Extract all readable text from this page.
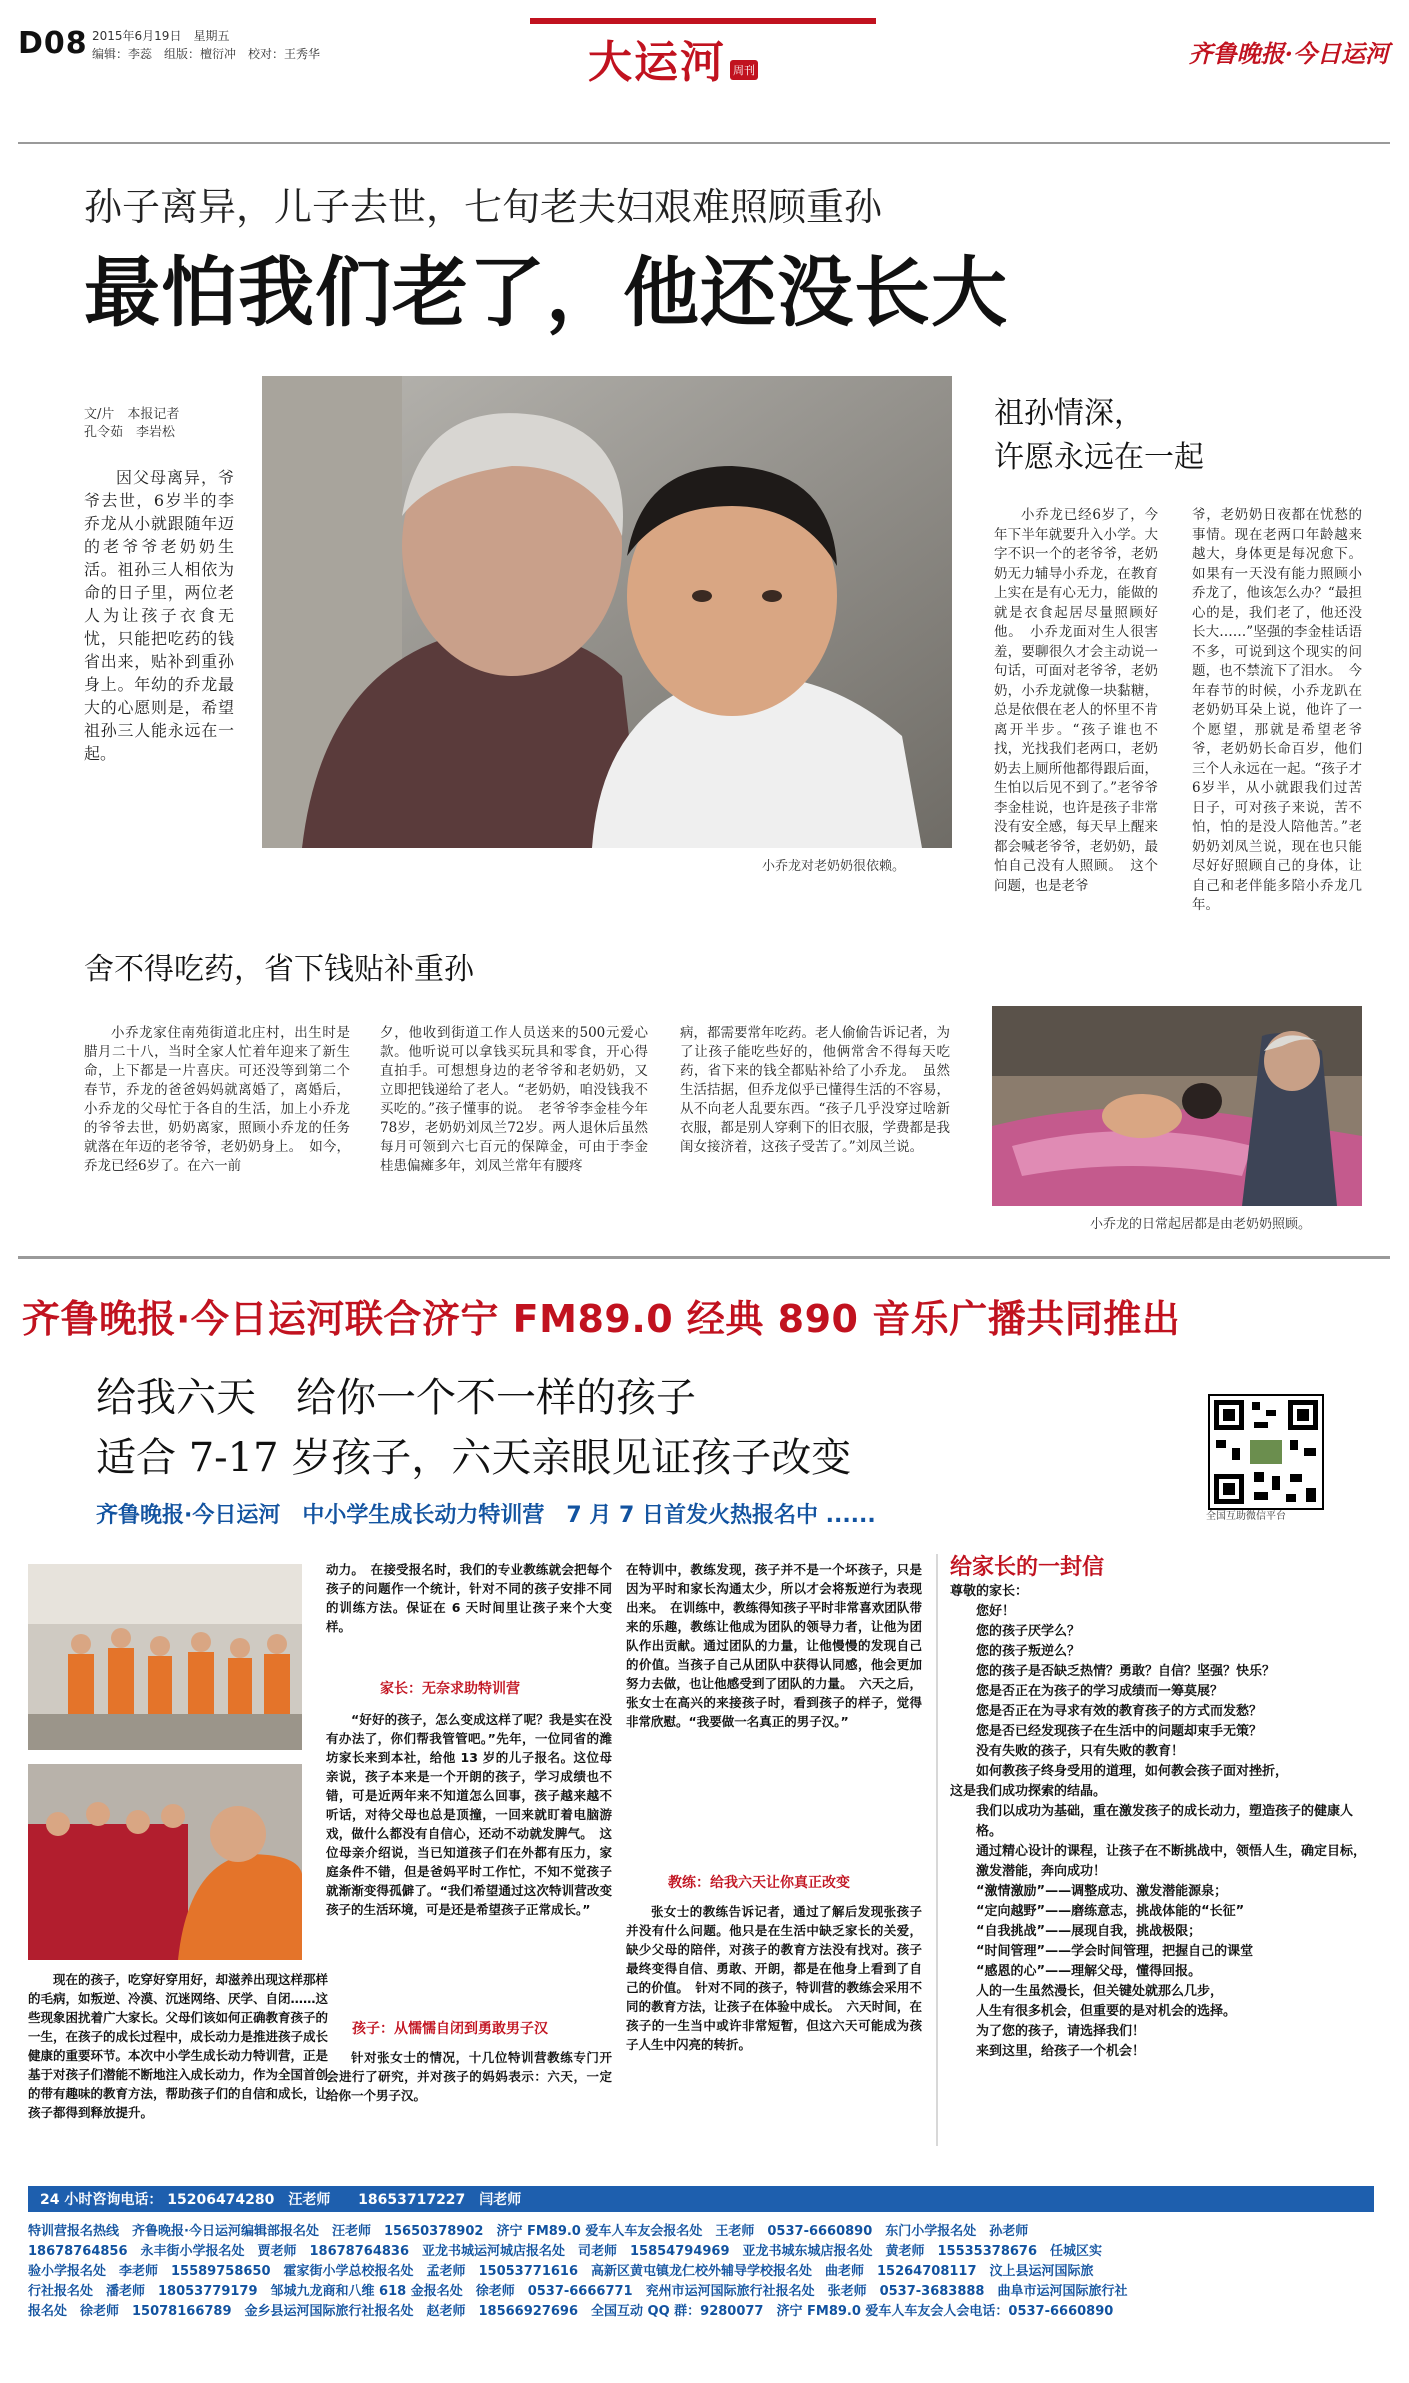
D08 2015年6月19日　星期五
编辑：李蕊　组版：檀衍冲　校对：王秀华	大运河 周刊
齐鲁晚报·今日运河
孙子离异，儿子去世，七旬老夫妇艰难照顾重孙
最怕我们老了，他还没长大
文/片　本报记者
孔令茹　李岩松
因父母离异，爷爷去世，6岁半的李乔龙从小就跟随年迈的老爷爷老奶奶生活。祖孙三人相依为命的日子里，两位老人为让孩子衣食无忧，只能把吃药的钱省出来，贴补到重孙身上。年幼的乔龙最大的心愿则是，希望祖孙三人能永远在一起。
小乔龙对老奶奶很依赖。
祖孙情深，
许愿永远在一起
小乔龙已经6岁了，今年下半年就要升入小学。大字不识一个的老爷爷，老奶奶无力辅导小乔龙，在教育上实在是有心无力，能做的就是衣食起居尽量照顾好他。　小乔龙面对生人很害羞，要聊很久才会主动说一句话，可面对老爷爷，老奶奶，小乔龙就像一块黏糖，总是依偎在老人的怀里不肯离开半步。“孩子谁也不找，光找我们老两口，老奶奶去上厕所他都得跟后面，生怕以后见不到了。”老爷爷李金桂说，也许是孩子非常没有安全感，每天早上醒来都会喊老爷爷，老奶奶，最怕自己没有人照顾。　这个问题，也是老爷
爷，老奶奶日夜都在忧愁的事情。现在老两口年龄越来越大，身体更是每况愈下。如果有一天没有能力照顾小乔龙了，他该怎么办？“最担心的是，我们老了，他还没长大……”坚强的李金桂话语不多，可说到这个现实的问题，也不禁流下了泪水。　今年春节的时候，小乔龙趴在老奶奶耳朵上说，他许了一个愿望，那就是希望老爷爷，老奶奶长命百岁，他们三个人永远在一起。“孩子才6岁半，从小就跟我们过苦日子，可对孩子来说，苦不怕，怕的是没人陪他苦。”老奶奶刘凤兰说，现在也只能尽好好照顾自己的身体，让自己和老伴能多陪小乔龙几年。
舍不得吃药，省下钱贴补重孙
小乔龙家住南苑街道北庄村，出生时是腊月二十八，当时全家人忙着年迎来了新生命，上下都是一片喜庆。可还没等到第二个春节，乔龙的爸爸妈妈就离婚了，离婚后，小乔龙的父母忙于各自的生活，加上小乔龙的爷爷去世，奶奶离家，照顾小乔龙的任务就落在年迈的老爷爷，老奶奶身上。　如今，乔龙已经6岁了。在六一前
夕，他收到街道工作人员送来的500元爱心款。他听说可以拿钱买玩具和零食，开心得直拍手。可想想身边的老爷爷和老奶奶，又立即把钱递给了老人。“老奶奶，咱没钱我不买吃的。”孩子懂事的说。　老爷爷李金桂今年78岁，老奶奶刘凤兰72岁。两人退休后虽然每月可领到六七百元的保障金，可由于李金桂患偏瘫多年，刘凤兰常年有腰疼
病，都需要常年吃药。老人偷偷告诉记者，为了让孩子能吃些好的，他俩常舍不得每天吃药，省下来的钱全都贴补给了小乔龙。　虽然生活拮据，但乔龙似乎已懂得生活的不容易，从不向老人乱要东西。“孩子几乎没穿过啥新衣服，都是别人穿剩下的旧衣服，学费都是我闺女接济着，这孩子受苦了。”刘凤兰说。
小乔龙的日常起居都是由老奶奶照顾。
齐鲁晚报·今日运河联合济宁 FM89.0 经典 890 音乐广播共同推出
给我六天　给你一个不一样的孩子
适合 7-17 岁孩子，六天亲眼见证孩子改变
齐鲁晚报·今日运河　中小学生成长动力特训营　7 月 7 日首发火热报名中 ......	全国互助微信平台
现在的孩子，吃穿好穿用好，却滋养出现这样那样的毛病，如叛逆、冷漠、沉迷网络、厌学、自闭……这些现象困扰着广大家长。父母们该如何正确教育孩子的一生，在孩子的成长过程中，成长动力是推进孩子成长健康的重要环节。本次中小学生成长动力特训营，正是基于对孩子们潜能不断地注入成长动力，作为全国首创的带有趣味的教育方法，帮助孩子们的自信和成长，让孩子都得到释放提升。
动力。　在接受报名时，我们的专业教练就会把每个孩子的问题作一个统计，针对不同的孩子安排不同的训练方法。保证在 6 天时间里让孩子来个大变样。
家长：无奈求助特训营
“好好的孩子，怎么变成这样了呢？我是实在没有办法了，你们帮我管管吧。”先年，一位同省的潍坊家长来到本社，给他 13 岁的儿子报名。这位母亲说，孩子本来是一个开朗的孩子，学习成绩也不错，可是近两年来不知道怎么回事，孩子越来越不听话，对待父母也总是顶撞，一回来就盯着电脑游戏，做什么都没有自信心，还动不动就发脾气。　这位母亲介绍说，当已知道孩子们在外都有压力，家庭条件不错，但是爸妈平时工作忙，不知不觉孩子就渐渐变得孤僻了。“我们希望通过这次特训营改变孩子的生活环境，可是还是希望孩子正常成长。”
孩子：从懦懦自闭到勇敢男子汉
针对张女士的情况，十几位特训营教练专门开会进行了研究，并对孩子的妈妈表示：六天，一定给你一个男子汉。
在特训中，教练发现，孩子并不是一个坏孩子，只是因为平时和家长沟通太少，所以才会将叛逆行为表现出来。　在训练中，教练得知孩子平时非常喜欢团队带来的乐趣，教练让他成为团队的领导力者，让他为团队作出贡献。通过团队的力量，让他慢慢的发现自己的价值。当孩子自己从团队中获得认同感，他会更加努力去做，也让他感受到了团队的力量。　六天之后，张女士在高兴的来接孩子时，看到孩子的样子，觉得非常欣慰。“我要做一名真正的男子汉。”
教练：给我六天让你真正改变
张女士的教练告诉记者，通过了解后发现张孩子并没有什么问题。他只是在生活中缺乏家长的关爱，缺少父母的陪伴，对孩子的教育方法没有找对。孩子最终变得自信、勇敢、开朗，都是在他身上看到了自己的价值。　针对不同的孩子，特训营的教练会采用不同的教育方法，让孩子在体验中成长。　六天时间，在孩子的一生当中或许非常短暂，但这六天可能成为孩子人生中闪亮的转折。
给家长的一封信
尊敬的家长：
您好！
您的孩子厌学么？
您的孩子叛逆么？
您的孩子是否缺乏热情？勇敢？自信？坚强？快乐？
您是否正在为孩子的学习成绩而一筹莫展？
您是否正在为寻求有效的教育孩子的方式而发愁？
您是否已经发现孩子在生活中的问题却束手无策？
没有失败的孩子，只有失败的教育！
如何教孩子终身受用的道理，如何教会孩子面对挫折，
这是我们成功探索的结晶。
我们以成功为基础，重在激发孩子的成长动力，塑造孩子的健康人格。
通过精心设计的课程，让孩子在不断挑战中，领悟人生，确定目标，激发潜能，奔向成功！
“激情激励”——调整成功、激发潜能源泉；
“定向越野”——磨练意志，挑战体能的“长征”
“自我挑战”——展现自我，挑战极限；
“时间管理”——学会时间管理，把握自己的课堂
“感恩的心”——理解父母，懂得回报。
人的一生虽然漫长，但关键处就那么几步，
人生有很多机会，但重要的是对机会的选择。
为了您的孩子，请选择我们！
来到这里，给孩子一个机会！
24 小时咨询电话： 15206474280　汪老师 18653717227　闫老师
特训营报名热线　齐鲁晚报·今日运河编辑部报名处　汪老师　15650378902　济宁 FM89.0 爱车人车友会报名处　王老师　0537-6660890　东门小学报名处　孙老师
18678764856　永丰街小学报名处　贾老师　18678764836　亚龙书城运河城店报名处　司老师　15854794969　亚龙书城东城店报名处　黄老师　15535378676　任城区实
验小学报名处　李老师　15589758650　霍家街小学总校报名处　孟老师　15053771616　高新区黄屯镇龙仁校外辅导学校报名处　曲老师　15264708117　汶上县运河国际旅
行社报名处　潘老师　18053779179　邹城九龙商和八维 618 金报名处　徐老师　0537-6666771　兖州市运河国际旅行社报名处　张老师　0537-3683888　曲阜市运河国际旅行社
报名处　徐老师　15078166789　金乡县运河国际旅行社报名处　赵老师　18566927696　全国互动 QQ 群：9280077　济宁 FM89.0 爱车人车友会人会电话：0537-6660890
